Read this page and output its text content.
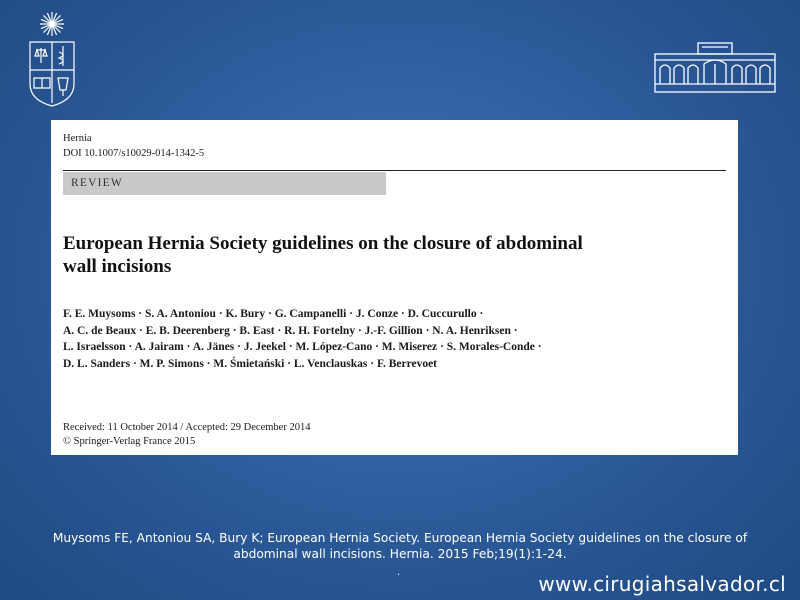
Hernia
DOI 10.1007/s10029-014-1342-5
REVIEW
European Hernia Society guidelines on the closure of abdominal
wall incisions
F. E. Muysoms · S. A. Antoniou · K. Bury · G. Campanelli · J. Conze · D. Cuccurullo ·
A. C. de Beaux · E. B. Deerenberg · B. East · R. H. Fortelny · J.-F. Gillion · N. A. Henriksen ·
L. Israelsson · A. Jairam · A. Jänes · J. Jeekel · M. López-Cano · M. Miserez · S. Morales-Conde ·
D. L. Sanders · M. P. Simons · M. Śmietański · L. Venclauskas · F. Berrevoet
Received: 11 October 2014 / Accepted: 29 December 2014
© Springer-Verlag France 2015
Muysoms FE, Antoniou SA, Bury K; European Hernia Society. European Hernia Society guidelines on the closure of
abdominal wall incisions. Hernia. 2015 Feb;19(1):1-24.
.	www.cirugiahsalvador.cl
